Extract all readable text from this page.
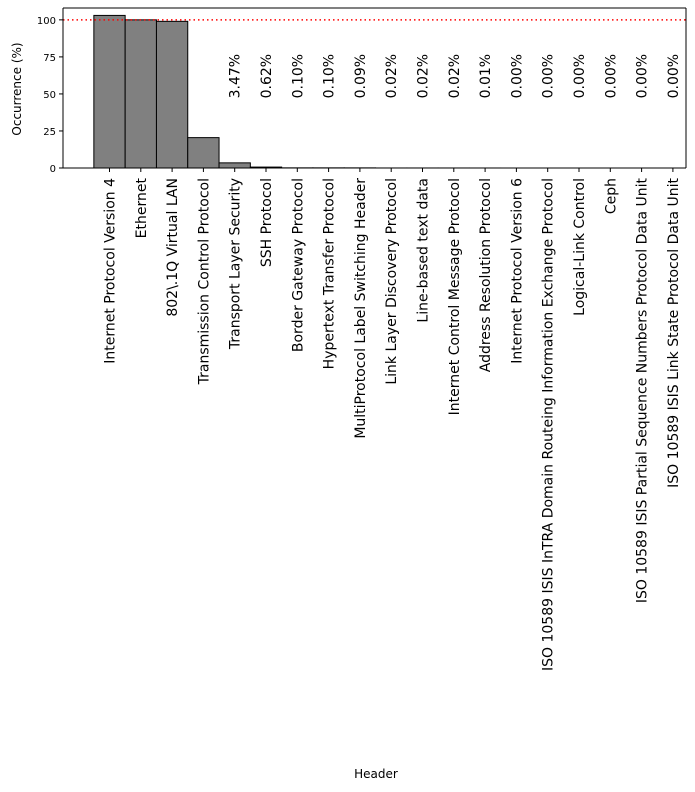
3.47% 0.62% 0.10% 0.10% 0.09% 0.02% 0.02% 0.02% 0.01% 0.00% 0.00% 0.00% 0.00% 0.00% 0.00%
0
25
50
75
100
Internet Protocol Version 4 Ethernet 802\.1Q Virtual LAN Transmission Control Protocol Transport Layer Security SSH Protocol Border Gateway Protocol Hypertext Transfer Protocol MultiProtocol Label Switching Header Link Layer Discovery Protocol Line-based text data Internet Control Message Protocol Address Resolution Protocol Internet Protocol Version 6 ISO 10589 ISIS InTRA Domain Routeing Information Exchange Protocol Logical-Link Control Ceph ISO 10589 ISIS Partial Sequence Numbers Protocol Data Unit ISO 10589 ISIS Link State Protocol Data Unit
Header
Occurrence (%)
